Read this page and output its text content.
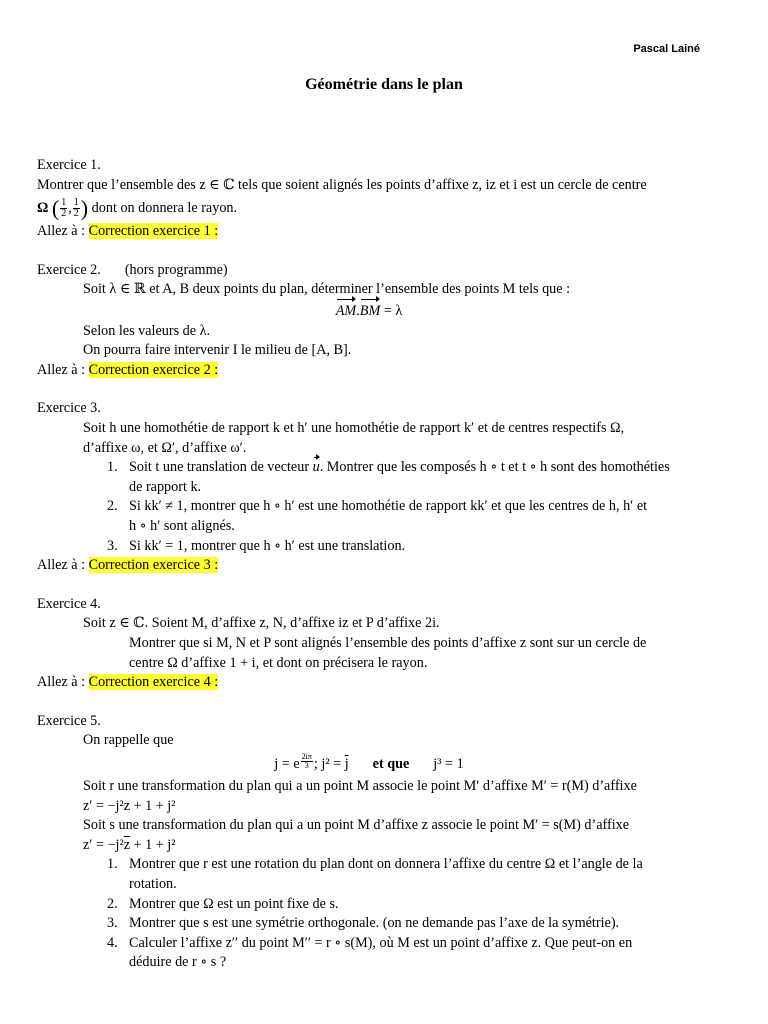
Pascal Lainé
Géométrie dans le plan
Exercice 1.
Montrer que l’ensemble des z ∈ ℂ tels que soient alignés les points d’affixe z, iz et i est un cercle de centre
Ω ( $\frac{1}{2}$ , $\frac{1}{2}$ ) dont on donnera le rayon.
Allez à : Correction exercice 1 :
Exercice 2. (hors programme)
Soit λ ∈ ℝ et A, B deux points du plan, déterminer l’ensemble des points M tels que :
AM.BM = λ
Selon les valeurs de λ.
On pourra faire intervenir I le milieu de [A, B].
Allez à : Correction exercice 2 :
Exercice 3.
Soit h une homothétie de rapport k et h′ une homothétie de rapport k′ et de centres respectifs Ω,
d’affixe ω, et Ω′, d’affixe ω′.
1. Soit t une translation de vecteur u. Montrer que les composés h ∘ t et t ∘ h sont des homothéties
de rapport k.
2. Si kk′ ≠ 1, montrer que h ∘ h′ est une homothétie de rapport kk′ et que les centres de h, h′ et
h ∘ h′ sont alignés.
3. Si kk′ = 1, montrer que h ∘ h′ est une translation.
Allez à : Correction exercice 3 :
Exercice 4.
Soit z ∈ ℂ. Soient M, d’affixe z, N, d’affixe iz et P d’affixe 2i.
Montrer que si M, N et P sont alignés l’ensemble des points d’affixe z sont sur un cercle de
centre Ω d’affixe 1 + i, et dont on précisera le rayon.
Allez à : Correction exercice 4 :
Exercice 5.
On rappelle que
j = e $\frac{2i\pi}{3}$ ; $j^2 = \overline{j}$ et que j³ = 1
Soit r une transformation du plan qui a un point M associe le point M′ d’affixe M′ = r(M) d’affixe
z′ = −j²z + 1 + j²
Soit s une transformation du plan qui a un point M d’affixe z associe le point M′ = s(M) d’affixe
$z' = -j^2\overline{z} + 1 + j^2$
1. Montrer que r est une rotation du plan dont on donnera l’affixe du centre Ω et l’angle de la
rotation.
2. Montrer que Ω est un point fixe de s.
3. Montrer que s est une symétrie orthogonale. (on ne demande pas l’axe de la symétrie).
4. Calculer l’affixe z′′ du point M′′ = r ∘ s(M), où M est un point d’affixe z. Que peut-on en
déduire de r ∘ s ?
